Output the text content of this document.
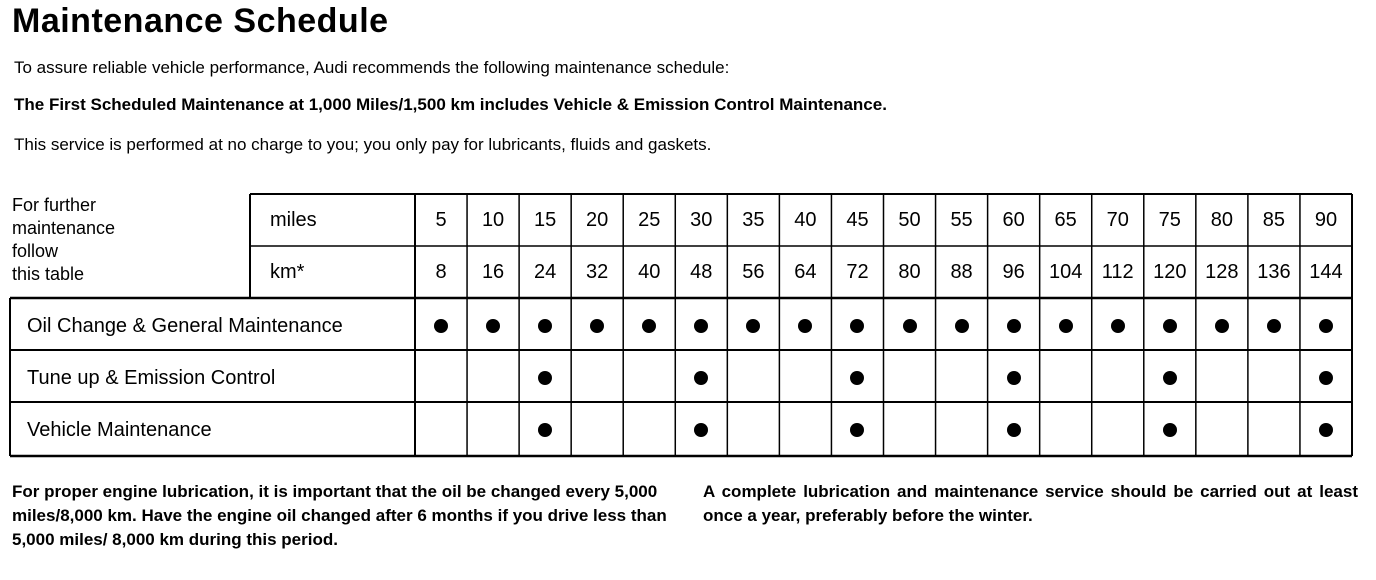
Maintenance Schedule
To assure reliable vehicle performance, Audi recommends the following maintenance schedule:
The First Scheduled Maintenance at 1,000 Miles/1,500 km includes Vehicle & Emission Control Maintenance.
This service is performed at no charge to you; you only pay for lubricants, fluids and gaskets.
For further
maintenance
follow
this table
miles
km*
5
8
10
16
15
24
20
32
25
40
30
48
35
56
40
64
45
72
50
80
55
88
60
96
65
104
70
112
75
120
80
128
85
136
90
144
Oil Change & General Maintenance
Tune up & Emission Control
Vehicle Maintenance
For proper engine lubrication, it is important that the oil be changed every 5,000 miles/8,000 km. Have the engine oil changed after 6 months if you drive less than 5,000 miles/ 8,000 km during this period.
A complete lubrication and maintenance service should be carried out at least once a year, preferably before the winter.
